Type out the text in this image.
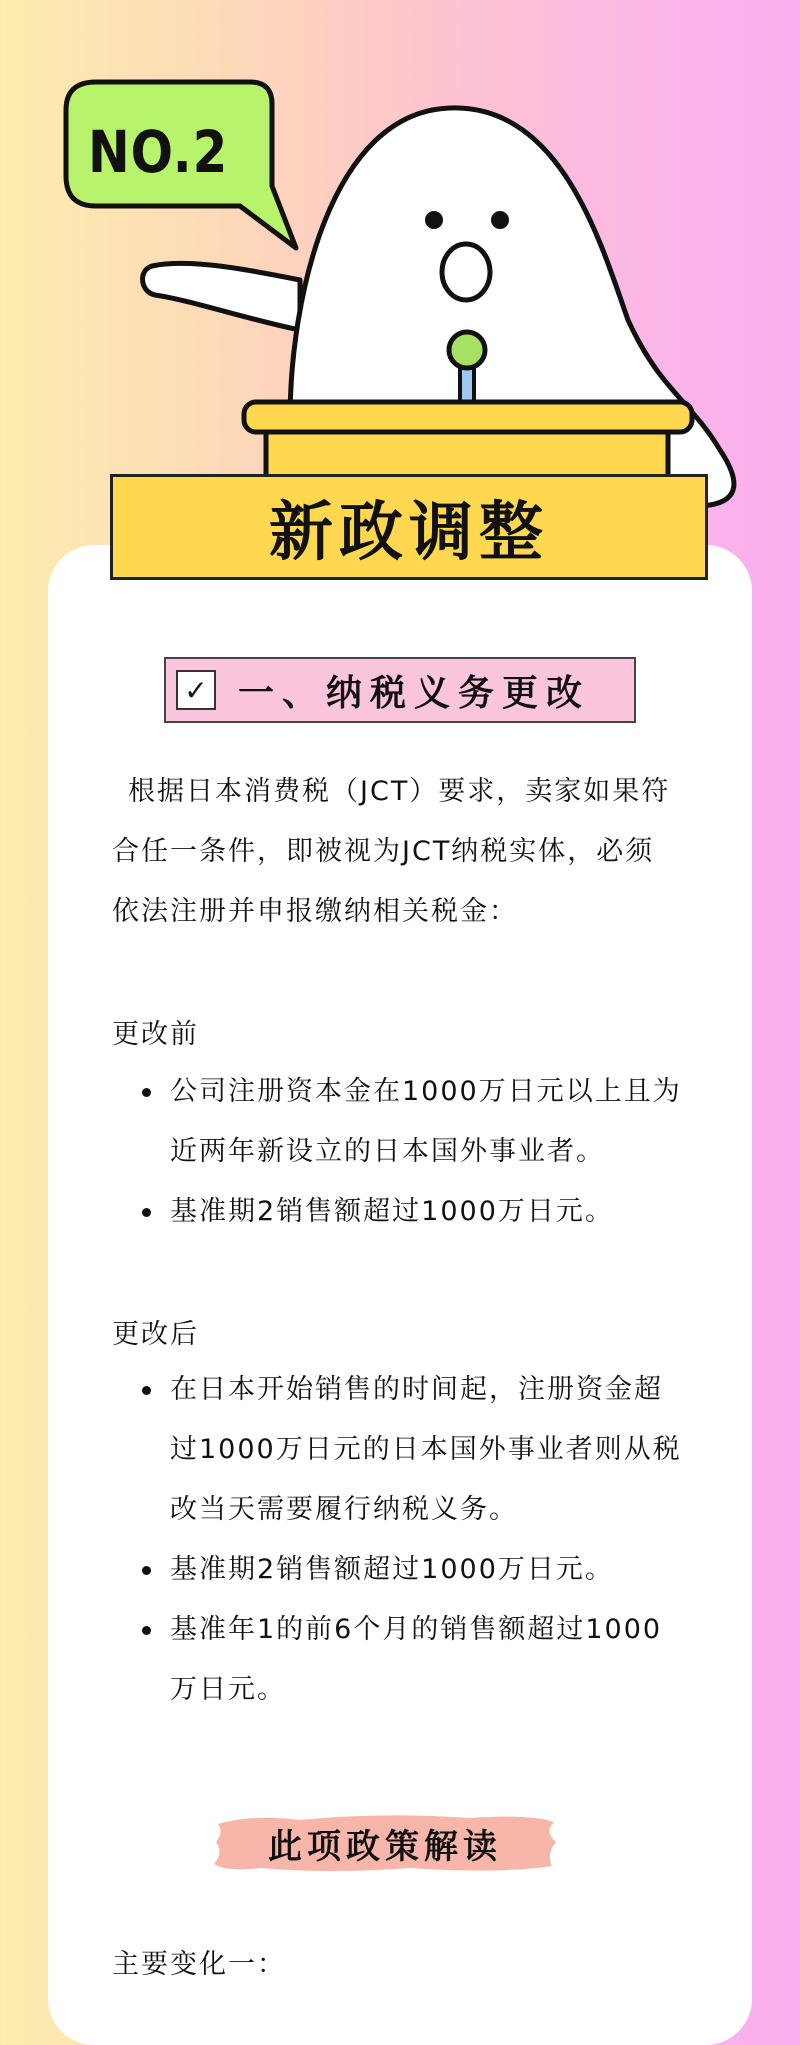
NO.2
新政调整
✓ 一、纳税义务更改
根据日本消费税（JCT）要求，卖家如果符
合任一条件，即被视为JCT纳税实体，必须
依法注册并申报缴纳相关税金：
更改前
公司注册资本金在1000万日元以上且为
近两年新设立的日本国外事业者。
基准期2销售额超过1000万日元。
更改后
在日本开始销售的时间起，注册资金超
过1000万日元的日本国外事业者则从税
改当天需要履行纳税义务。
基准期2销售额超过1000万日元。
基准年1的前6个月的销售额超过1000
万日元。
此项政策解读
主要变化一：
